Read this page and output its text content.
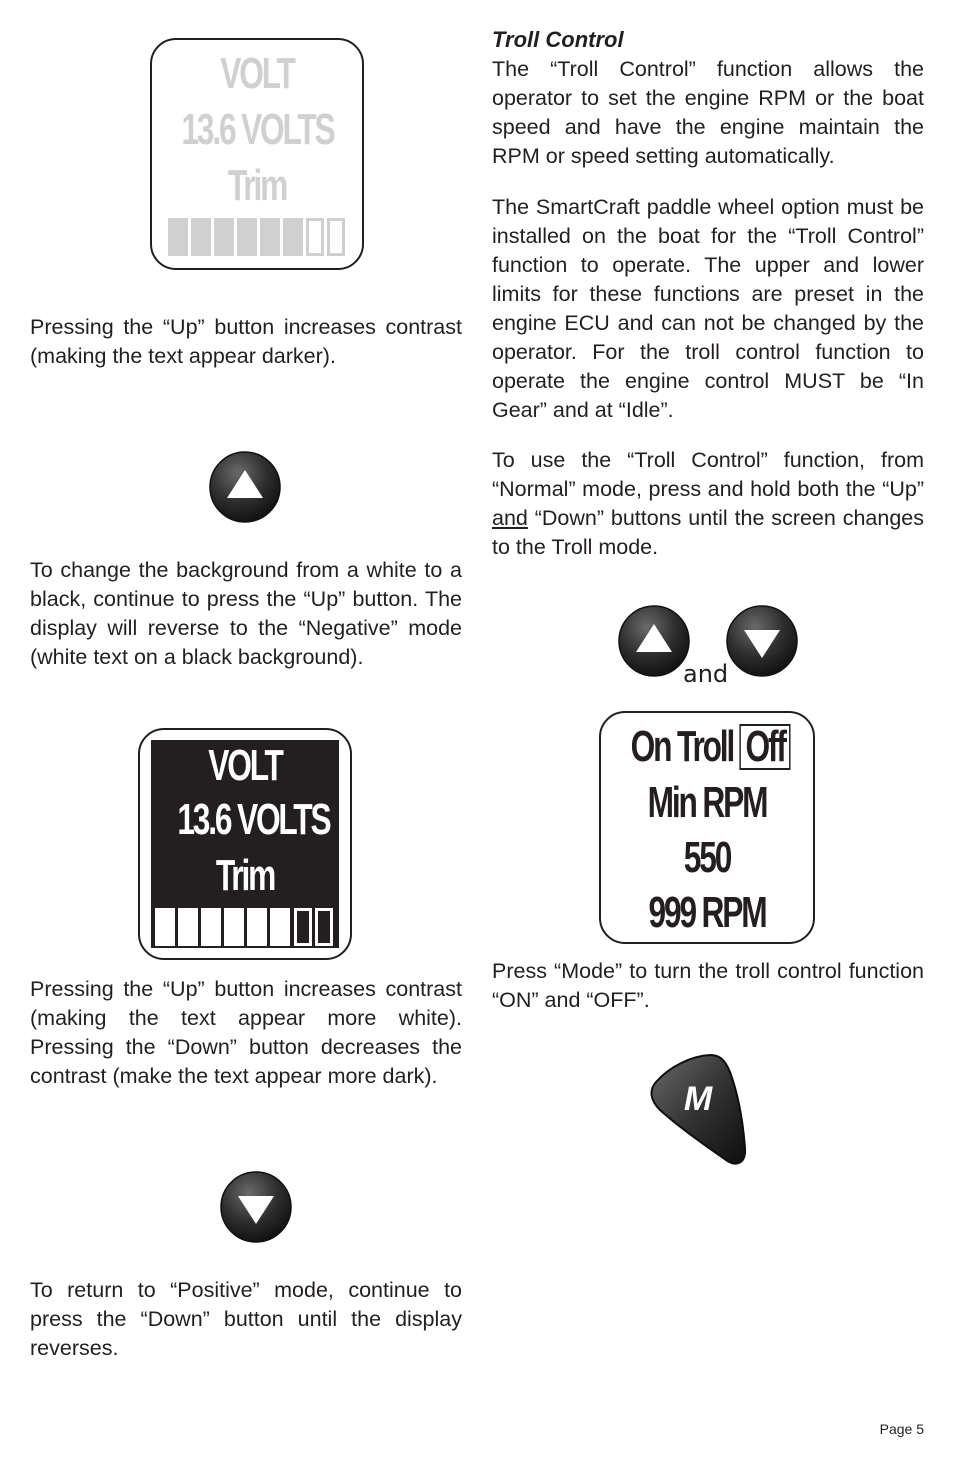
VOLT
13.6 VOLTS
Trim

Pressing the “Up” button increases contrast (making the text appear darker).

To change the background from a white to a black, continue to press the “Up” button. The display will reverse to the “Negative” mode (white text on a black background).

VOLT
13.6 VOLTS
Trim

Pressing the “Up” button increases contrast (making the text appear more white). Pressing the “Down” button decreases the contrast (make the text appear more dark).

To return to “Positive” mode, continue to press the “Down” button until the display reverses.

Troll Control

The “Troll Control” function allows the operator to set the engine RPM or the boat speed and have the engine maintain the RPM or speed setting automatically.

The SmartCraft paddle wheel option must be installed on the boat for the “Troll Control” function to operate. The upper and lower limits for these functions are preset in the engine ECU and can not be changed by the operator. For the troll control function to operate the engine control MUST be “In Gear” and at “Idle”.

To use the “Troll Control” function, from “Normal” mode, press and hold both the “Up” and “Down” buttons until the screen changes to the Troll mode.

and
On Troll Off
Min RPM
550
999 RPM

Press “Mode” to turn the troll control function “ON” and “OFF”.

M
Page 5
